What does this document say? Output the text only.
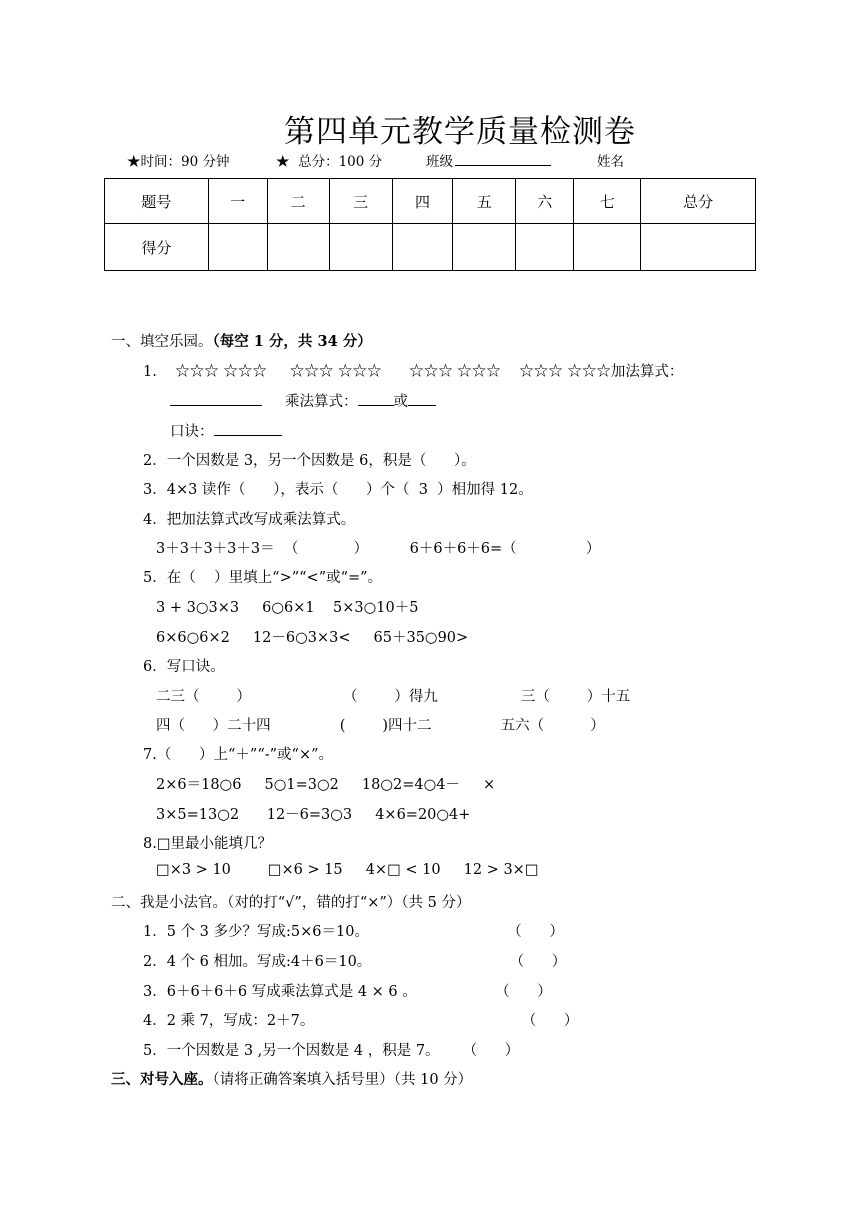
第四单元教学质量检测卷
★时间：90 分钟	★  总分：100 分	班级	姓名
题号	一	二	三	四	五	六	七	总分
得分								
一、填空乐园。（每空 1 分，共 34 分）
1. ☆☆☆ ☆☆☆     ☆☆☆ ☆☆☆      ☆☆☆ ☆☆☆    ☆☆☆ ☆☆☆加法算式：
乘法算式： 或
口诀：
2．一个因数是 3，另一个因数是 6，积是（      ）。
3．4×3 读作（      ），表示（      ）个（  3  ）相加得 12。
4．把加法算式改写成乘法算式。
3＋3＋3＋3＋3＝  （            ）         6＋6＋6＋6=（               ）
5．在（    ）里填上“>”“<”或“=”。
3 + 3○3×3     6○6×1    5×3○10＋5
6×6○6×2     12－6○3×3<     65＋35○90>
6．写口诀。
二三（        ）                    （        ）得九                  三（        ）十五
四（      ）二十四               (        )四十二               五六（          ）
7.（      ）上“＋”“-”或“×”。
2×6＝18○6     5○1=3○2     18○2=4○4－     ×
3×5=13○2      12－6=3○3     4×6=20○4+
8.□里最小能填几？
□×3 > 10        □×6 > 15     4×□ < 10     12 > 3×□
二、我是小法官。（对的打“√”，错的打“×”）（共 5 分）
1．5 个 3 多少？写成:5×6＝10。                              （      ）
2．4 个 6 相加。写成:4＋6＝10。                              （      ）
3．6＋6＋6＋6 写成乘法算式是 4 × 6 。                 （      ）
4．2 乘 7，写成：2＋7。                                             （      ）
5．一个因数是 3 ,另一个因数是 4 ，积是 7。     （      ）
三、对号入座。（请将正确答案填入括号里）（共 10 分）
